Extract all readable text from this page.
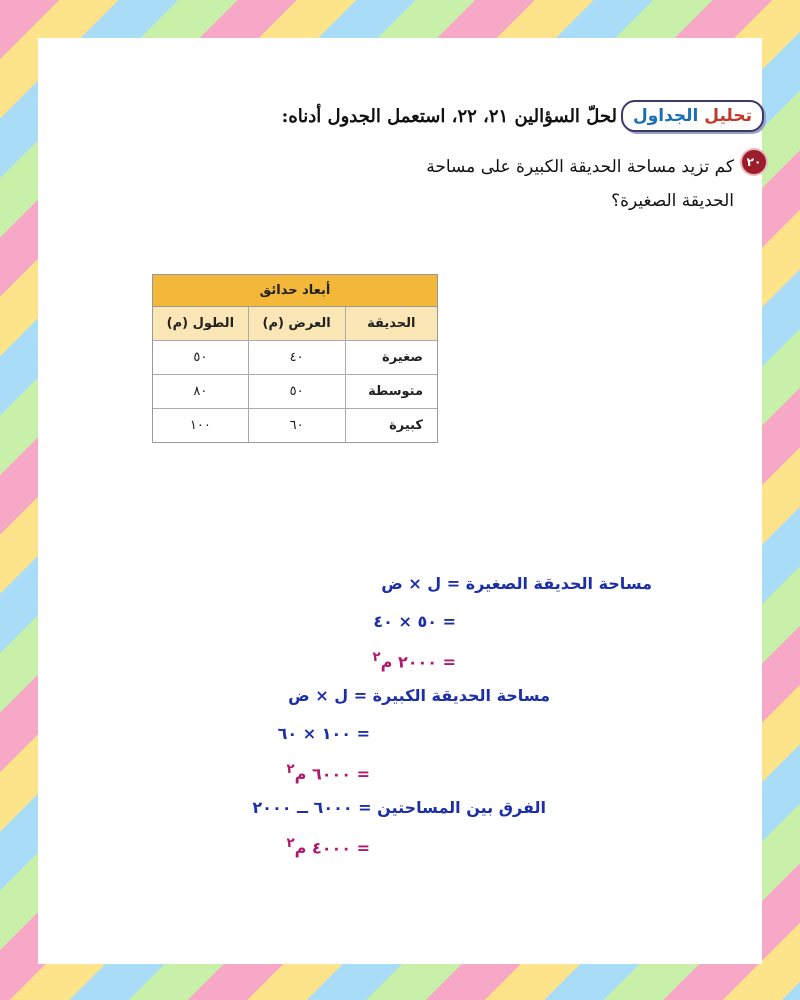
تحليل الجداول
لحلّ السؤالين ٢١، ٢٢، استعمل الجدول أدناه:
٢٠
كم تزيد مساحة الحديقة الكبيرة على مساحة
الحديقة الصغيرة؟
أبعاد حدائق
الحديقة	العرض (م)	الطول (م)
صغيرة	٤٠	٥٠
متوسطة	٥٠	٨٠
كبيرة	٦٠	١٠٠
مساحة الحديقة الصغيرة = ل × ض
= ٥٠ × ٤٠
= ٢٠٠٠ م$^٢$
مساحة الحديقة الكبيرة = ل × ض
= ١٠٠ × ٦٠
= ٦٠٠٠ م$^٢$
الفرق بين المساحتين = ٦٠٠٠ ــ ٢٠٠٠
= ٤٠٠٠ م$^٢$
